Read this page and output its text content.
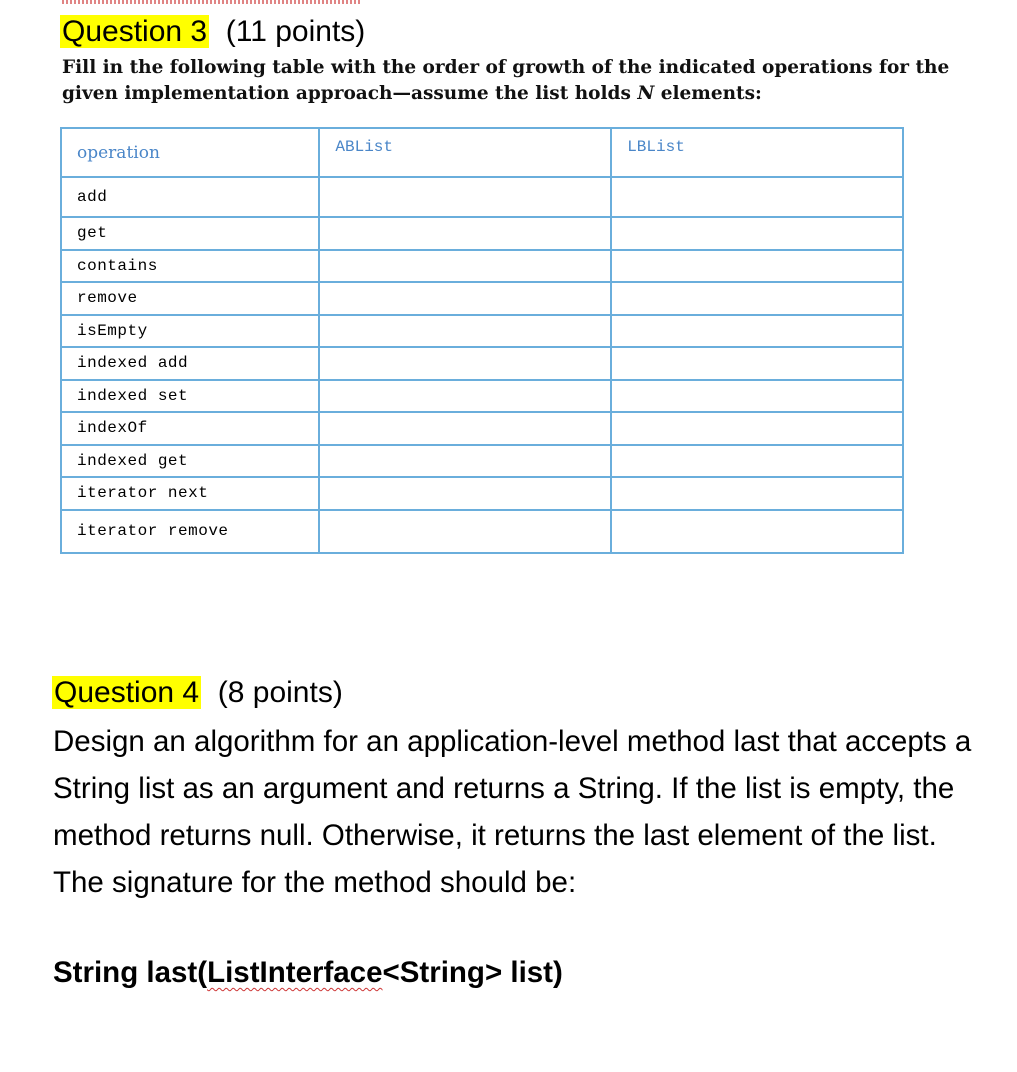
Question 3 (11 points)
Fill in the following table with the order of growth of the indicated operations for the given implementation approach—assume the list holds N elements:
operation	ABList	LBList
add		
get		
contains		
remove		
isEmpty		
indexed add		
indexed set		
indexOf		
indexed get		
iterator next		
iterator remove		
Question 4 (8 points)
Design an algorithm for an application-level method last that accepts a String list as an argument and returns a String. If the list is empty, the method returns null. Otherwise, it returns the last element of the list. The signature for the method should be:
String last(ListInterface<String> list)
